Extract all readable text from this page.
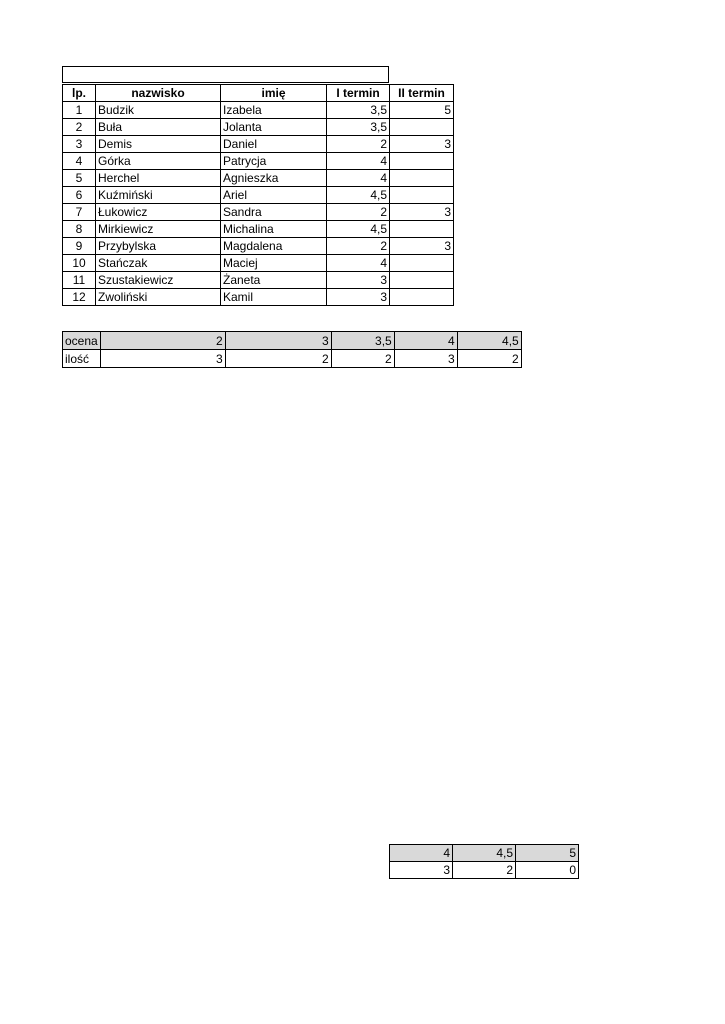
lp.	nazwisko	imię	I termin	II termin
1	Budzik	Izabela	3,5	5
2	Buła	Jolanta	3,5	
3	Demis	Daniel	2	3
4	Górka	Patrycja	4	
5	Herchel	Agnieszka	4	
6	Kuźmiński	Ariel	4,5	
7	Łukowicz	Sandra	2	3
8	Mirkiewicz	Michalina	4,5	
9	Przybylska	Magdalena	2	3
10	Stańczak	Maciej	4	
11	Szustakiewicz	Żaneta	3	
12	Zwoliński	Kamil	3	
ocena	2	3	3,5	4	4,5
ilość	3	2	2	3	2
4	4,5	5
3	2	0
